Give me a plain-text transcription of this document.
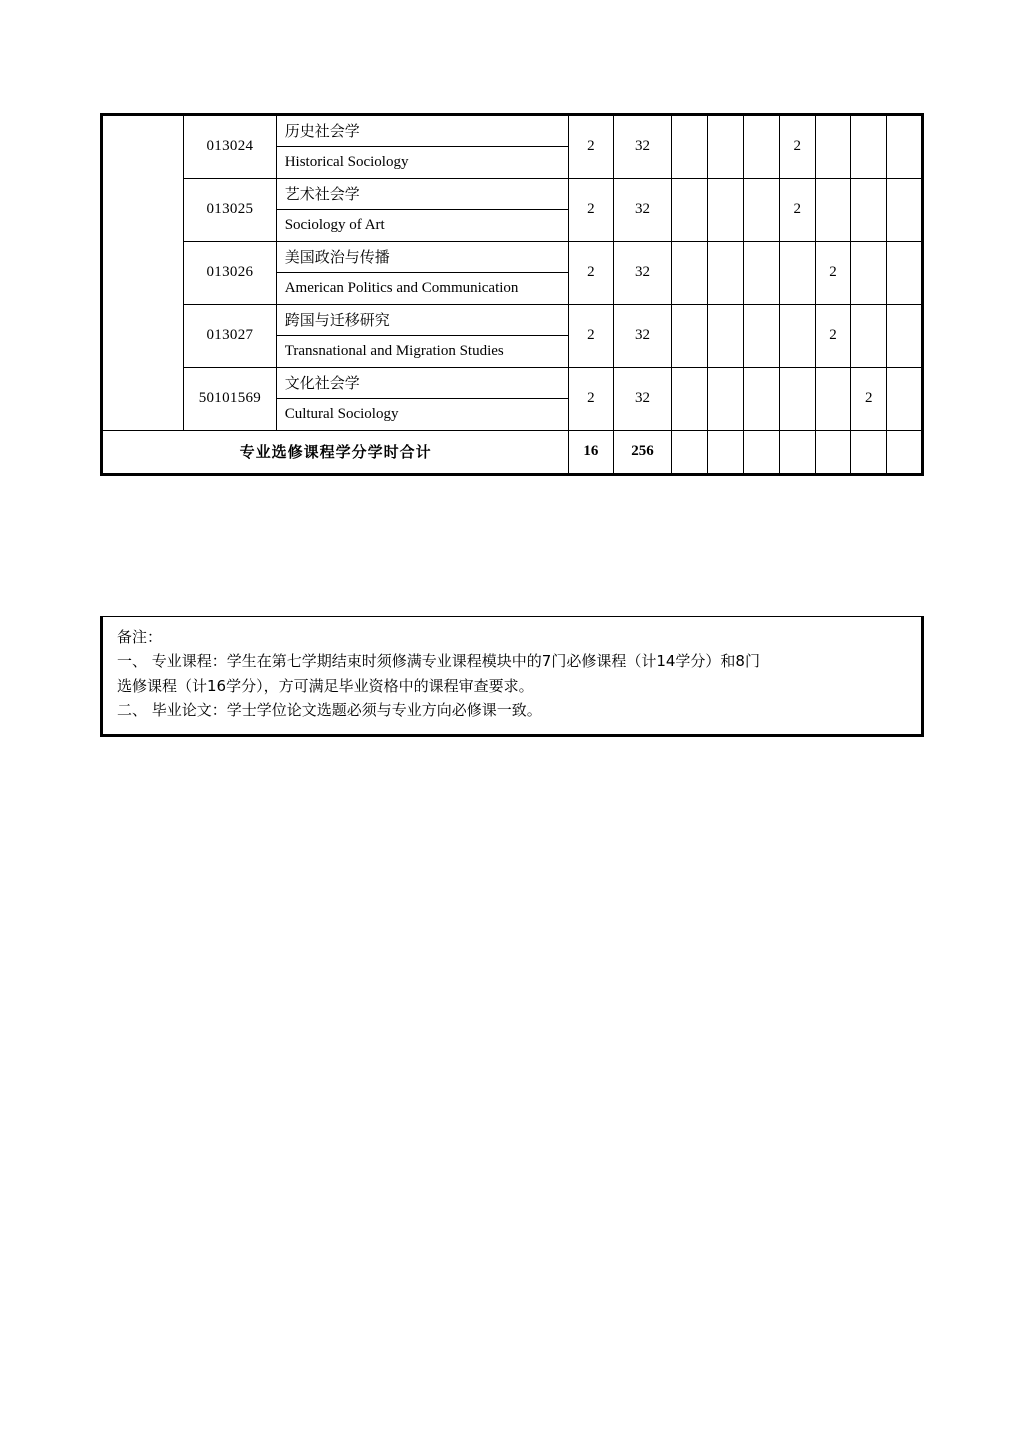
	013024	历史社会学
Historical Sociology	2	32				2			
	013025	艺术社会学
Sociology of Art	2	32				2			
	013026	美国政治与传播
American Politics and Communication	2	32					2		
	013027	跨国与迁移研究
Transnational and Migration Studies	2	32					2		
	50101569	文化社会学
Cultural Sociology	2	32						2	
专业选修课程学分学时合计			16	256							

备注：

一、 专业课程：学生在第七学期结束时须修满专业课程模块中的7门必修课程（计14学分）和8门

选修课程（计16学分），方可满足毕业资格中的课程审查要求。

二、 毕业论文：学士学位论文选题必须与专业方向必修课一致。
